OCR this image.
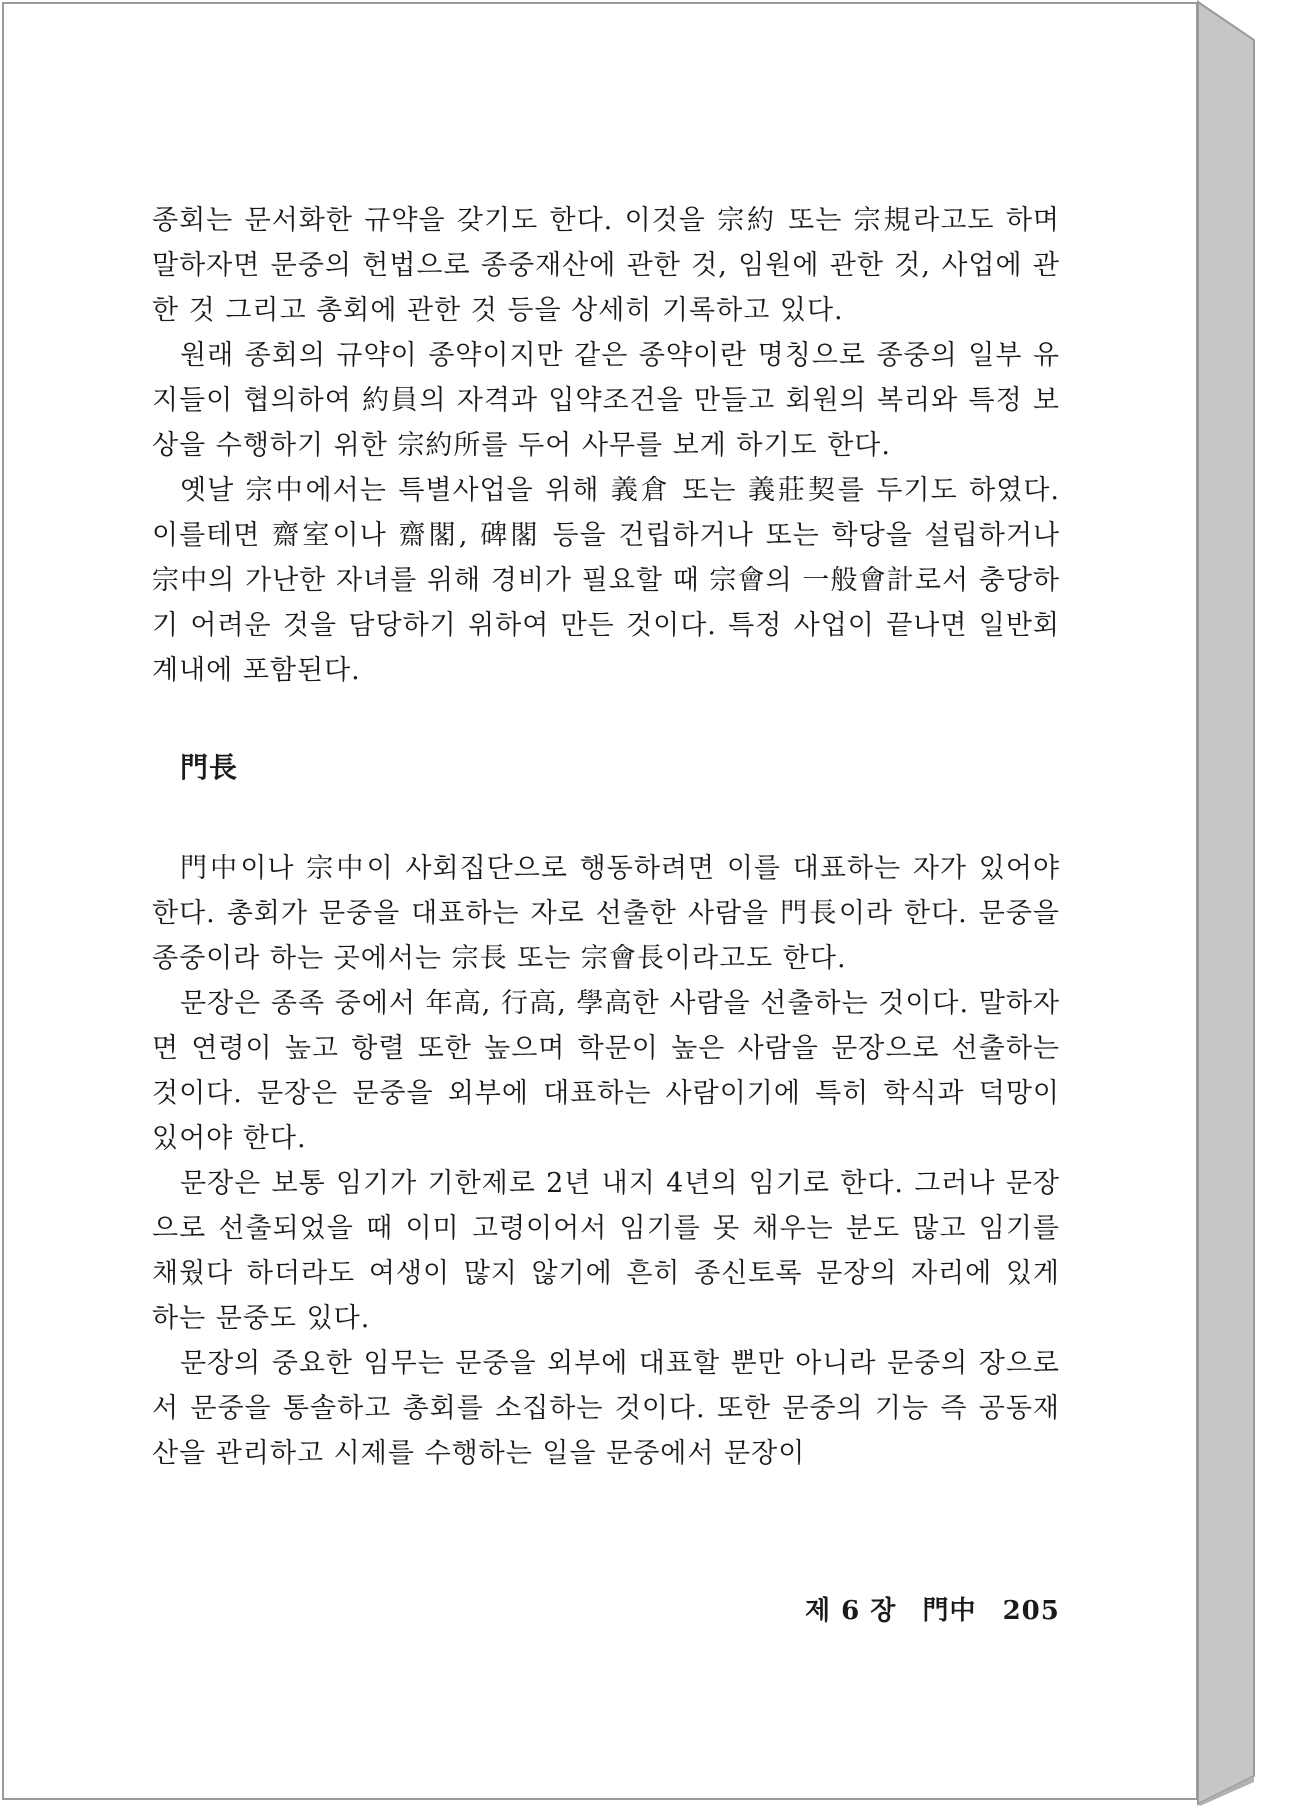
종회는 문서화한 규약을 갖기도 한다. 이것을 宗約 또는 宗規라고도 하며 말하자면 문중의 헌법으로 종중재산에 관한 것, 임원에 관한 것, 사업에 관한 것 그리고 총회에 관한 것 등을 상세히 기록하고 있다.

원래 종회의 규약이 종약이지만 같은 종약이란 명칭으로 종중의 일부 유지들이 협의하여 約員의 자격과 입약조건을 만들고 회원의 복리와 특정 보상을 수행하기 위한 宗約所를 두어 사무를 보게 하기도 한다.

옛날 宗中에서는 특별사업을 위해 義倉 또는 義莊契를 두기도 하였다. 이를테면 齋室이나 齋閣, 碑閣 등을 건립하거나 또는 학당을 설립하거나 宗中의 가난한 자녀를 위해 경비가 필요할 때 宗會의 一般會計로서 충당하기 어려운 것을 담당하기 위하여 만든 것이다. 특정 사업이 끝나면 일반회계내에 포함된다.

門長

門中이나 宗中이 사회집단으로 행동하려면 이를 대표하는 자가 있어야 한다. 총회가 문중을 대표하는 자로 선출한 사람을 門長이라 한다. 문중을 종중이라 하는 곳에서는 宗長 또는 宗會長이라고도 한다.

문장은 종족 중에서 年高, 行高, 學高한 사람을 선출하는 것이다. 말하자면 연령이 높고 항렬 또한 높으며 학문이 높은 사람을 문장으로 선출하는 것이다. 문장은 문중을 외부에 대표하는 사람이기에 특히 학식과 덕망이 있어야 한다.

문장은 보통 임기가 기한제로 2년 내지 4년의 임기로 한다. 그러나 문장으로 선출되었을 때 이미 고령이어서 임기를 못 채우는 분도 많고 임기를 채웠다 하더라도 여생이 많지 않기에 흔히 종신토록 문장의 자리에 있게 하는 문중도 있다.

문장의 중요한 임무는 문중을 외부에 대표할 뿐만 아니라 문중의 장으로서 문중을 통솔하고 총회를 소집하는 것이다. 또한 문중의 기능 즉 공동재산을 관리하고 시제를 수행하는 일을 문중에서 문장이

제 6 장 門中 205
